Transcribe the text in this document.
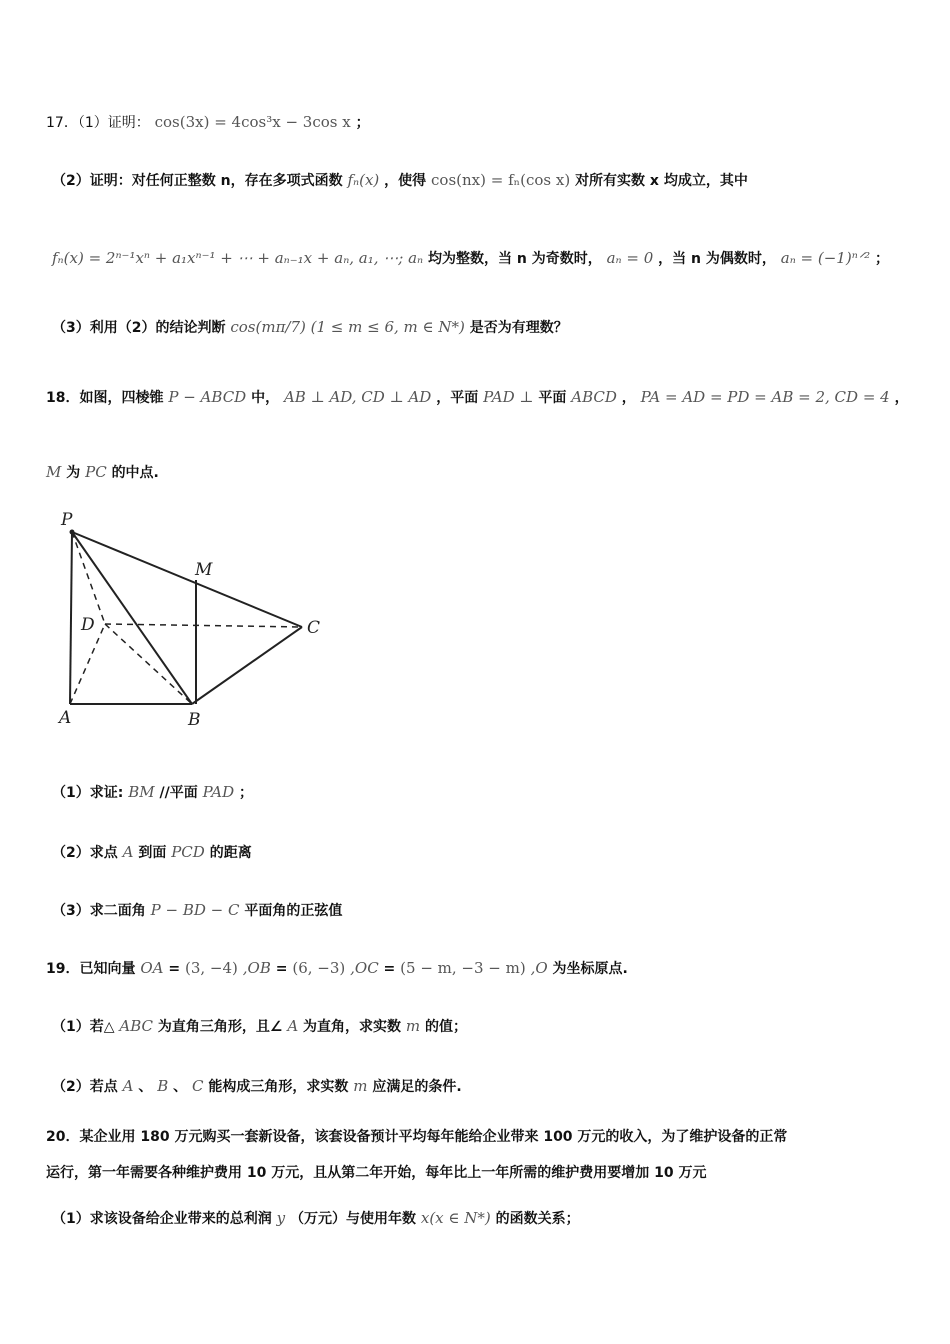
17．（1）证明： cos(3x) = 4cos³x − 3cos x ；
（2）证明：对任何正整数 n，存在多项式函数 fₙ(x) ，使得 cos(nx) = fₙ(cos x) 对所有实数 x 均成立，其中
fₙ(x) = 2ⁿ⁻¹xⁿ + a₁xⁿ⁻¹ + ⋯ + aₙ₋₁x + aₙ, a₁, ⋯; aₙ 均为整数，当 n 为奇数时， aₙ = 0 ，当 n 为偶数时， aₙ = (−1)ⁿᐟ² ；
（3）利用（2）的结论判断 cos(mπ/7) (1 ≤ m ≤ 6, m ∈ N*) 是否为有理数？
18．如图，四棱锥 P − ABCD 中， AB ⊥ AD, CD ⊥ AD ，平面 PAD ⊥ 平面 ABCD ， PA = AD = PD = AB = 2, CD = 4 ，
M 为 PC 的中点.
P
M
D	C
A	B
（1）求证: BM //平面 PAD ；
（2）求点 A 到面 PCD 的距离
（3）求二面角 P − BD − C 平面角的正弦值
19．已知向量 OA = (3, −4) ,OB = (6, −3) ,OC = (5 − m, −3 − m) ,O 为坐标原点.
（1）若△ ABC 为直角三角形，且∠ A 为直角，求实数 m 的值；
（2）若点 A 、 B 、 C 能构成三角形，求实数 m 应满足的条件.
20．某企业用 180 万元购买一套新设备，该套设备预计平均每年能给企业带来 100 万元的收入，为了维护设备的正常
运行，第一年需要各种维护费用 10 万元，且从第二年开始，每年比上一年所需的维护费用要增加 10 万元
（1）求该设备给企业带来的总利润 y （万元）与使用年数 x(x ∈ N*) 的函数关系；
